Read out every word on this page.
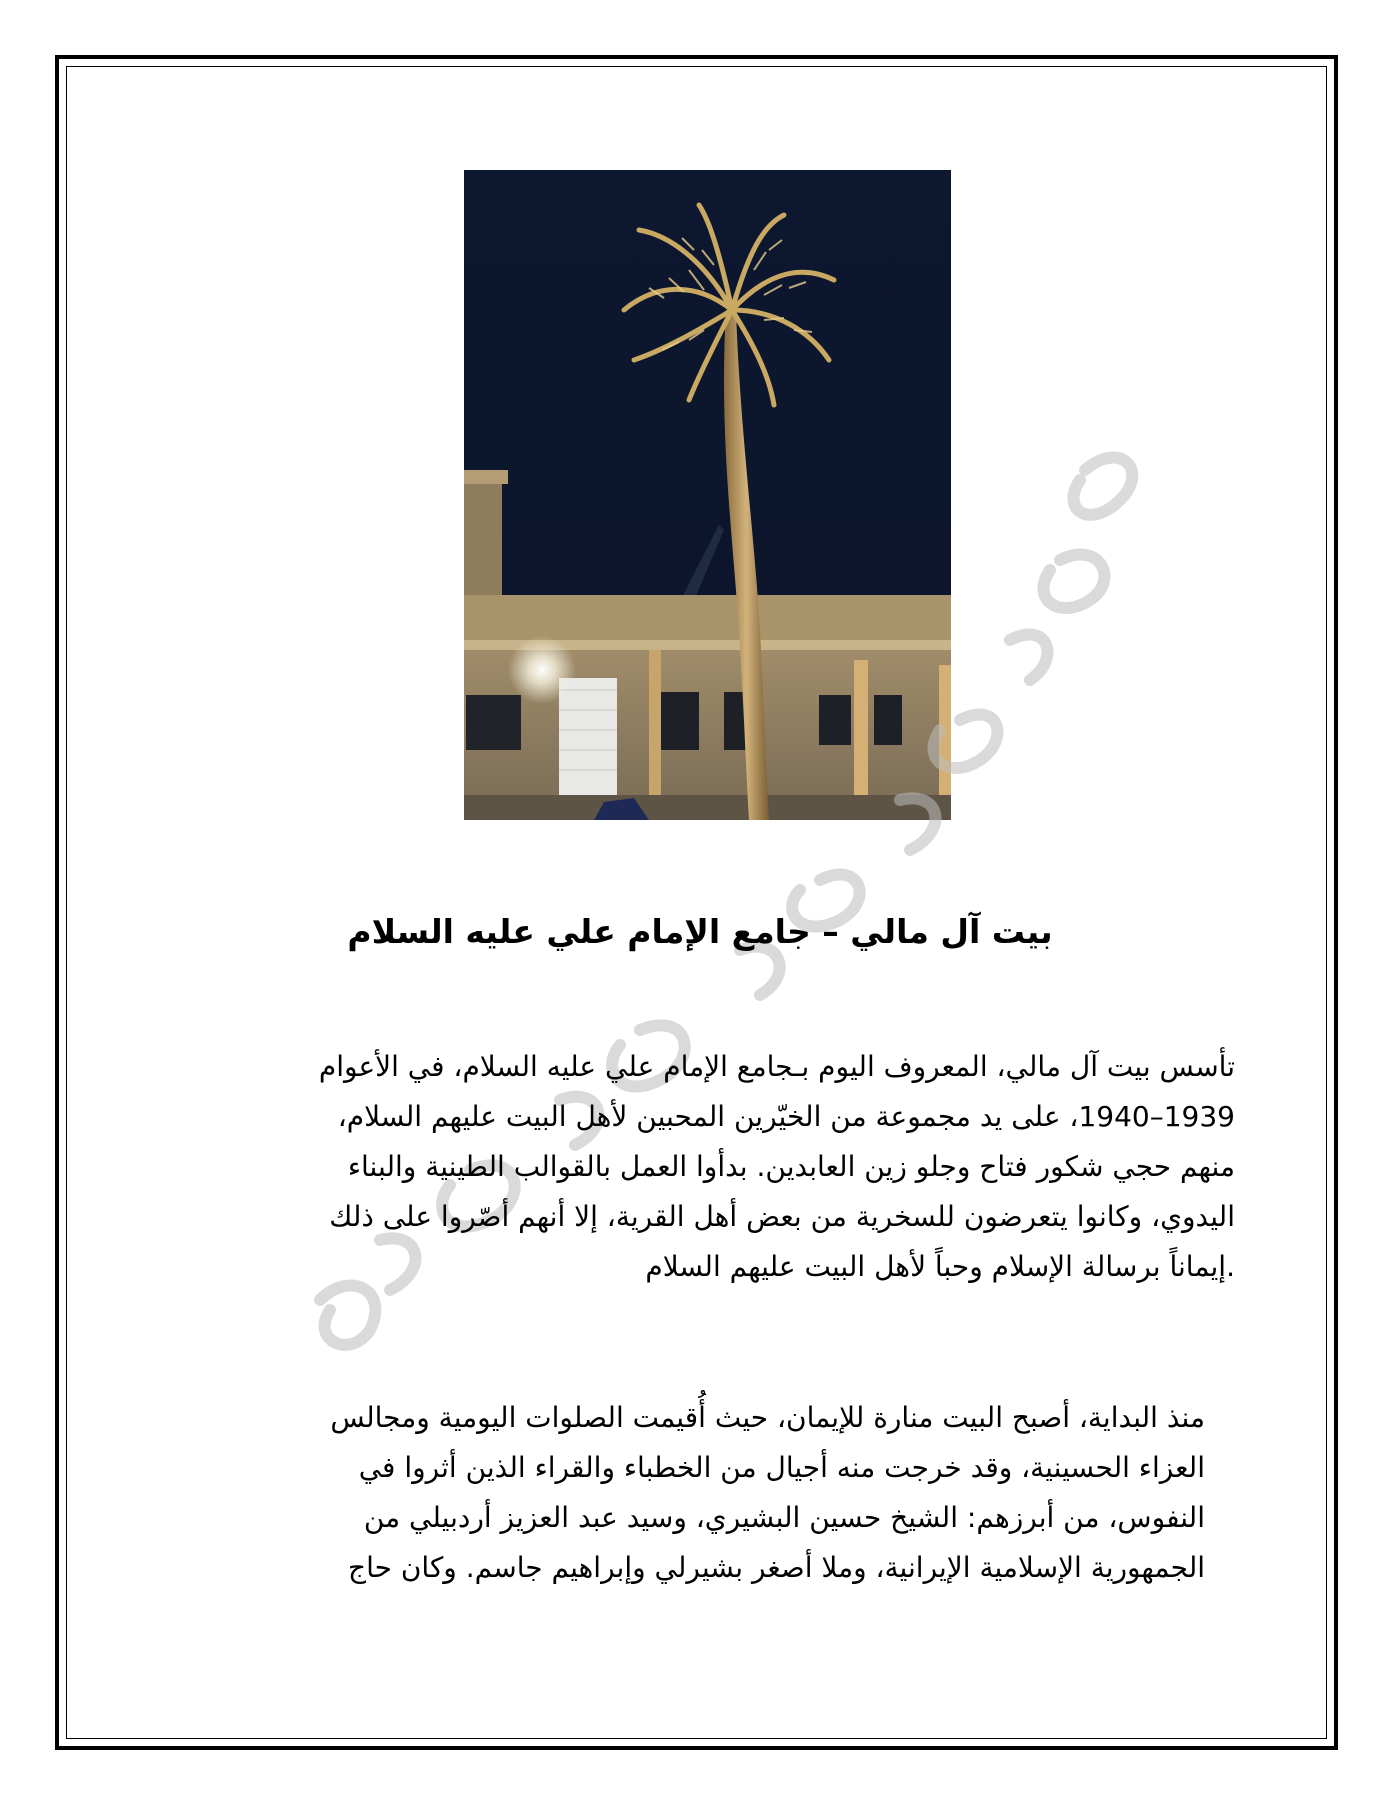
مركز السيد الحبيبي للتراث العراقي
بيت آل مالي – جامع الإمام علي عليه السلام

تأسس بيت آل مالي، المعروف اليوم بـجامع الإمام علي عليه السلام، في الأعوام

1939–1940، على يد مجموعة من الخيّرين المحبين لأهل البيت عليهم السلام،

منهم حجي شكور فتاح وجلو زين العابدين. بدأوا العمل بالقوالب الطينية والبناء

اليدوي، وكانوا يتعرضون للسخرية من بعض أهل القرية، إلا أنهم أصّروا على ذلك

.إيماناً برسالة الإسلام وحباً لأهل البيت عليهم السلام

منذ البداية، أصبح البيت منارة للإيمان، حيث أُقيمت الصلوات اليومية ومجالس

العزاء الحسينية، وقد خرجت منه أجيال من الخطباء والقراء الذين أثروا في

النفوس، من أبرزهم: الشيخ حسين البشيري، وسيد عبد العزيز أردبيلي من

الجمهورية الإسلامية الإيرانية، وملا أصغر بشيرلي وإبراهيم جاسم. وكان حاج
